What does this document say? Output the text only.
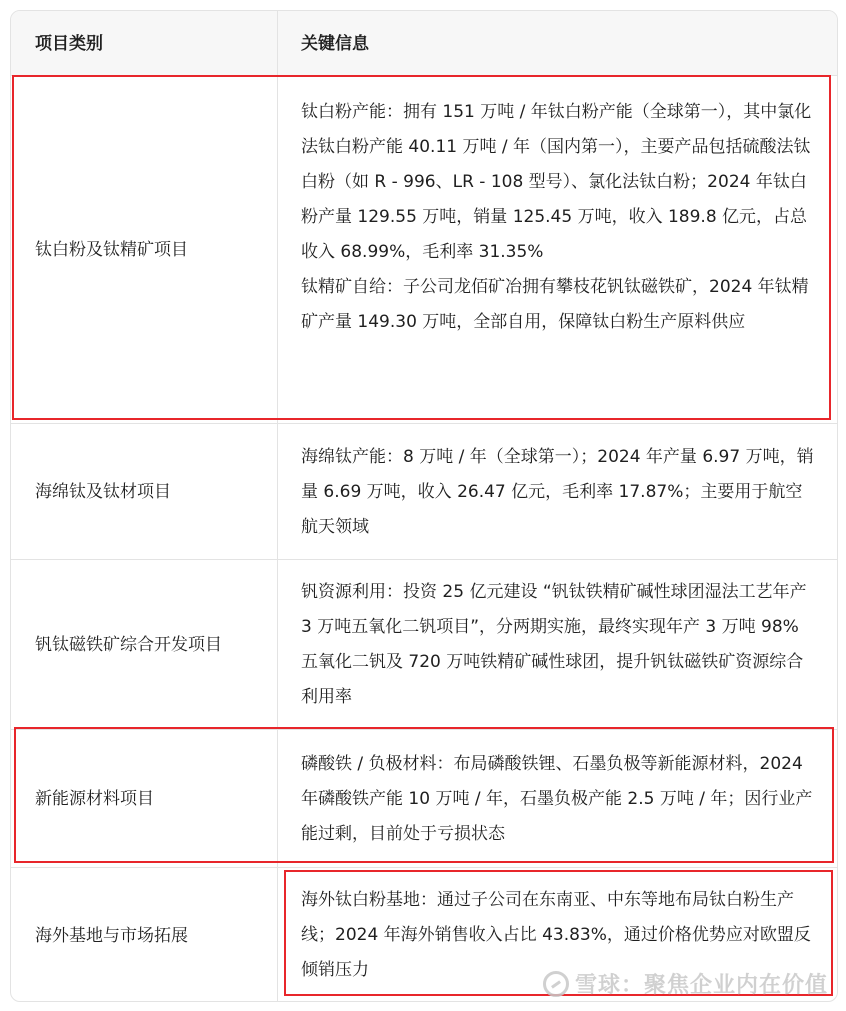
项目类别	关键信息
钛白粉及钛精矿项目

钛白粉产能：拥有 151 万吨 / 年钛白粉产能（全球第一），其中氯化法钛白粉产能 40.11 万吨 / 年（国内第一），主要产品包括硫酸法钛白粉（如 R - 996、LR - 108 型号）、氯化法钛白粉；2024 年钛白粉产量 129.55 万吨，销量 125.45 万吨，收入 189.8 亿元，占总收入 68.99%，毛利率 31.35%

钛精矿自给：子公司龙佰矿冶拥有攀枝花钒钛磁铁矿，2024 年钛精矿产量 149.30 万吨，全部自用，保障钛白粉生产原料供应

海绵钛及钛材项目

海绵钛产能：8 万吨 / 年（全球第一）；2024 年产量 6.97 万吨，销量 6.69 万吨，收入 26.47 亿元，毛利率 17.87%；主要用于航空航天领域

钒钛磁铁矿综合开发项目

钒资源利用：投资 25 亿元建设 “钒钛铁精矿碱性球团湿法工艺年产 3 万吨五氧化二钒项目”，分两期实施，最终实现年产 3 万吨 98% 五氧化二钒及 720 万吨铁精矿碱性球团，提升钒钛磁铁矿资源综合利用率

新能源材料项目

磷酸铁 / 负极材料：布局磷酸铁锂、石墨负极等新能源材料，2024 年磷酸铁产能 10 万吨 / 年，石墨负极产能 2.5 万吨 / 年；因行业产能过剩，目前处于亏损状态

海外基地与市场拓展

海外钛白粉基地：通过子公司在东南亚、中东等地布局钛白粉生产线；2024 年海外销售收入占比 43.83%，通过价格优势应对欧盟反倾销压力

雪球：聚焦企业内在价值
